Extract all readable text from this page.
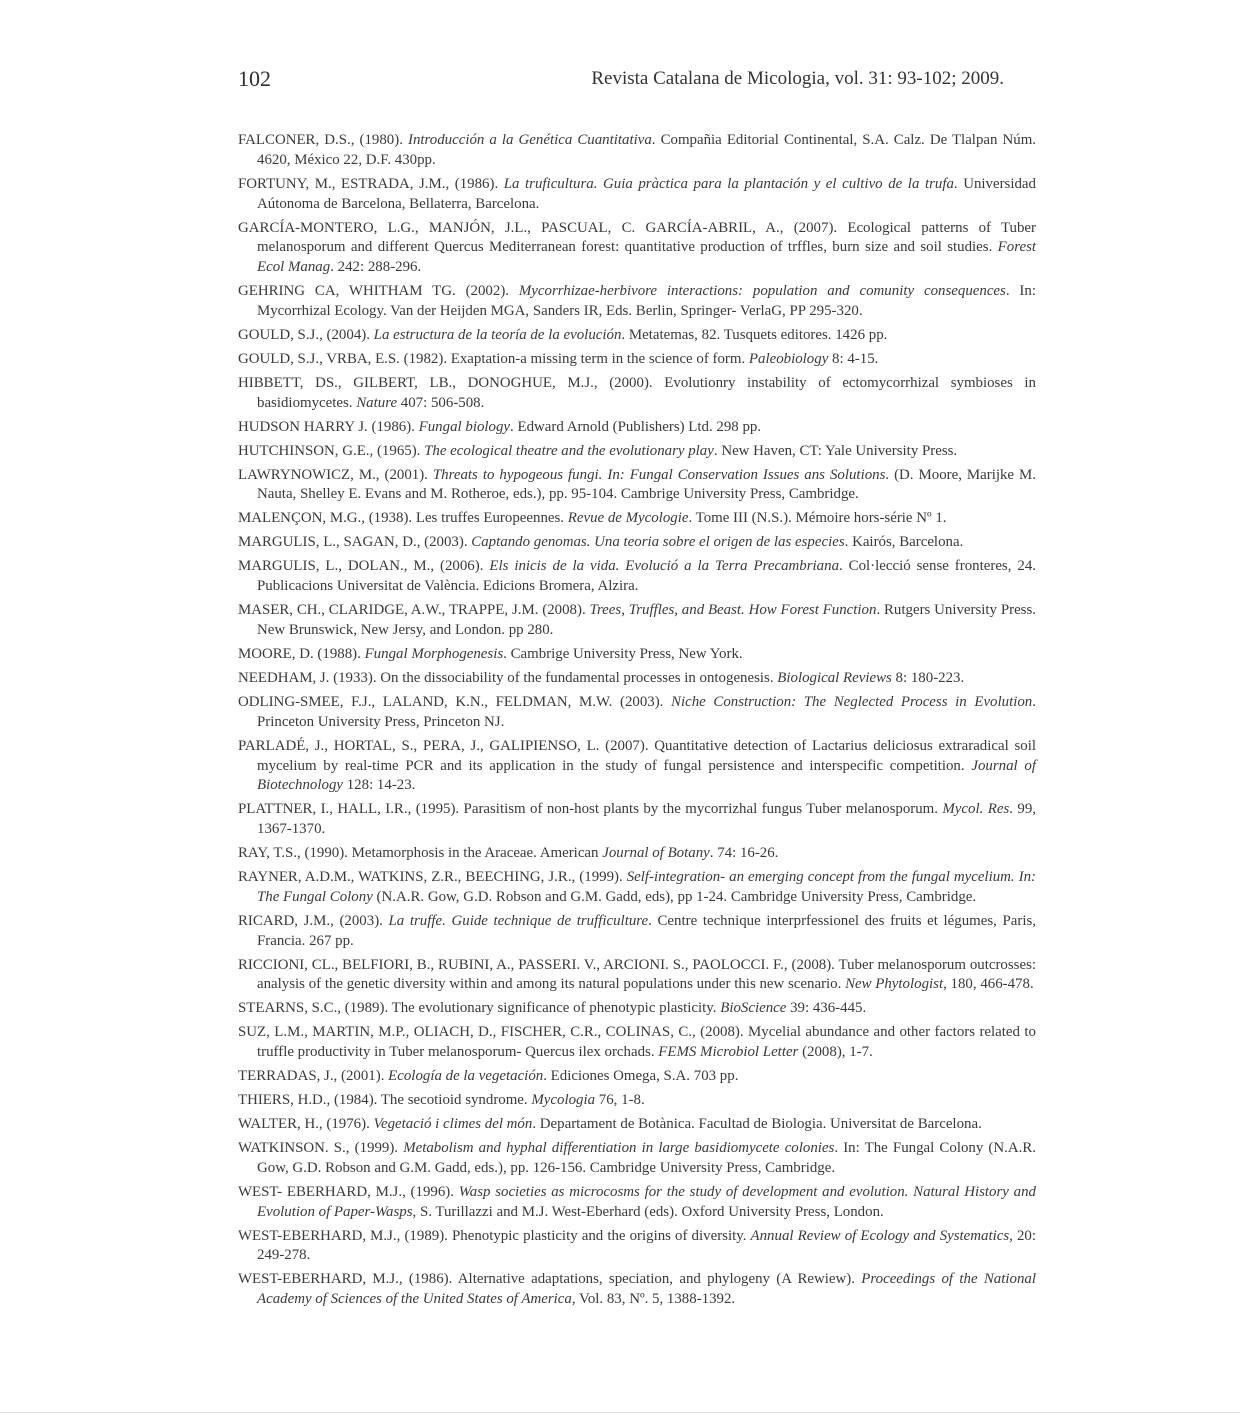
102	Revista Catalana de Micologia, vol. 31: 93-102; 2009.

FALCONER, D.S., (1980). Introducción a la Genética Cuantitativa. Compañia Editorial Continental, S.A. Calz. De Tlalpan Núm. 4620, México 22, D.F. 430pp.

FORTUNY, M., ESTRADA, J.M., (1986). La truficultura. Guia pràctica para la plantación y el cultivo de la trufa. Universidad Aútonoma de Barcelona, Bellaterra, Barcelona.

GARCÍA-MONTERO, L.G., MANJÓN, J.L., PASCUAL, C. GARCÍA-ABRIL, A., (2007). Ecological patterns of Tuber melanosporum and different Quercus Mediterranean forest: quantitative production of trffles, burn size and soil studies. Forest Ecol Manag. 242: 288-296.

GEHRING CA, WHITHAM TG. (2002). Mycorrhizae-herbivore interactions: population and comunity consequences. In: Mycorrhizal Ecology. Van der Heijden MGA, Sanders IR, Eds. Berlin, Springer- VerlaG, PP 295-320.

GOULD, S.J., (2004). La estructura de la teoría de la evolución. Metatemas, 82. Tusquets editores. 1426 pp.

GOULD, S.J., VRBA, E.S. (1982). Exaptation-a missing term in the science of form. Paleobiology 8: 4-15.

HIBBETT, DS., GILBERT, LB., DONOGHUE, M.J., (2000). Evolutionry instability of ectomycorrhizal symbioses in basidiomycetes. Nature 407: 506-508.

HUDSON HARRY J. (1986). Fungal biology. Edward Arnold (Publishers) Ltd. 298 pp.

HUTCHINSON, G.E., (1965). The ecological theatre and the evolutionary play. New Haven, CT: Yale University Press.

LAWRYNOWICZ, M., (2001). Threats to hypogeous fungi. In: Fungal Conservation Issues ans Solutions. (D. Moore, Marijke M. Nauta, Shelley E. Evans and M. Rotheroe, eds.), pp. 95-104. Cambrige University Press, Cambridge.

MALENÇON, M.G., (1938). Les truffes Europeennes. Revue de Mycologie. Tome III (N.S.). Mémoire hors-série Nº 1.

MARGULIS, L., SAGAN, D., (2003). Captando genomas. Una teoria sobre el origen de las especies. Kairós, Barcelona.

MARGULIS, L., DOLAN., M., (2006). Els inicis de la vida. Evolució a la Terra Precambriana. Col·lecció sense fronteres, 24. Publicacions Universitat de València. Edicions Bromera, Alzira.

MASER, CH., CLARIDGE, A.W., TRAPPE, J.M. (2008). Trees, Truffles, and Beast. How Forest Function. Rutgers University Press. New Brunswick, New Jersy, and London. pp 280.

MOORE, D. (1988). Fungal Morphogenesis. Cambrige University Press, New York.

NEEDHAM, J. (1933). On the dissociability of the fundamental processes in ontogenesis. Biological Reviews 8: 180-223.

ODLING-SMEE, F.J., LALAND, K.N., FELDMAN, M.W. (2003). Niche Construction: The Neglected Process in Evolution. Princeton University Press, Princeton NJ.

PARLADÉ, J., HORTAL, S., PERA, J., GALIPIENSO, L. (2007). Quantitative detection of Lactarius deliciosus extraradical soil mycelium by real-time PCR and its application in the study of fungal persistence and interspecific competition. Journal of Biotechnology 128: 14-23.

PLATTNER, I., HALL, I.R., (1995). Parasitism of non-host plants by the mycorrizhal fungus Tuber melanosporum. Mycol. Res. 99, 1367-1370.

RAY, T.S., (1990). Metamorphosis in the Araceae. American Journal of Botany. 74: 16-26.

RAYNER, A.D.M., WATKINS, Z.R., BEECHING, J.R., (1999). Self-integration- an emerging concept from the fungal mycelium. In: The Fungal Colony (N.A.R. Gow, G.D. Robson and G.M. Gadd, eds), pp 1-24. Cambridge University Press, Cambridge.

RICARD, J.M., (2003). La truffe. Guide technique de trufficulture. Centre technique interprfessionel des fruits et légumes, Paris, Francia. 267 pp.

RICCIONI, CL., BELFIORI, B., RUBINI, A., PASSERI. V., ARCIONI. S., PAOLOCCI. F., (2008). Tuber melanosporum outcrosses: analysis of the genetic diversity within and among its natural populations under this new scenario. New Phytologist, 180, 466-478.

STEARNS, S.C., (1989). The evolutionary significance of phenotypic plasticity. BioScience 39: 436-445.

SUZ, L.M., MARTIN, M.P., OLIACH, D., FISCHER, C.R., COLINAS, C., (2008). Mycelial abundance and other factors related to truffle productivity in Tuber melanosporum- Quercus ilex orchads. FEMS Microbiol Letter (2008), 1-7.

TERRADAS, J., (2001). Ecología de la vegetación. Ediciones Omega, S.A. 703 pp.

THIERS, H.D., (1984). The secotioid syndrome. Mycologia 76, 1-8.

WALTER, H., (1976). Vegetació i climes del món. Departament de Botànica. Facultad de Biologia. Universitat de Barcelona.

WATKINSON. S., (1999). Metabolism and hyphal differentiation in large basidiomycete colonies. In: The Fungal Colony (N.A.R. Gow, G.D. Robson and G.M. Gadd, eds.), pp. 126-156. Cambridge University Press, Cambridge.

WEST- EBERHARD, M.J., (1996). Wasp societies as microcosms for the study of development and evolution. Natural History and Evolution of Paper-Wasps, S. Turillazzi and M.J. West-Eberhard (eds). Oxford University Press, London.

WEST-EBERHARD, M.J., (1989). Phenotypic plasticity and the origins of diversity. Annual Review of Ecology and Systematics, 20: 249-278.

WEST-EBERHARD, M.J., (1986). Alternative adaptations, speciation, and phylogeny (A Rewiew). Proceedings of the National Academy of Sciences of the United States of America, Vol. 83, Nº. 5, 1388-1392.
